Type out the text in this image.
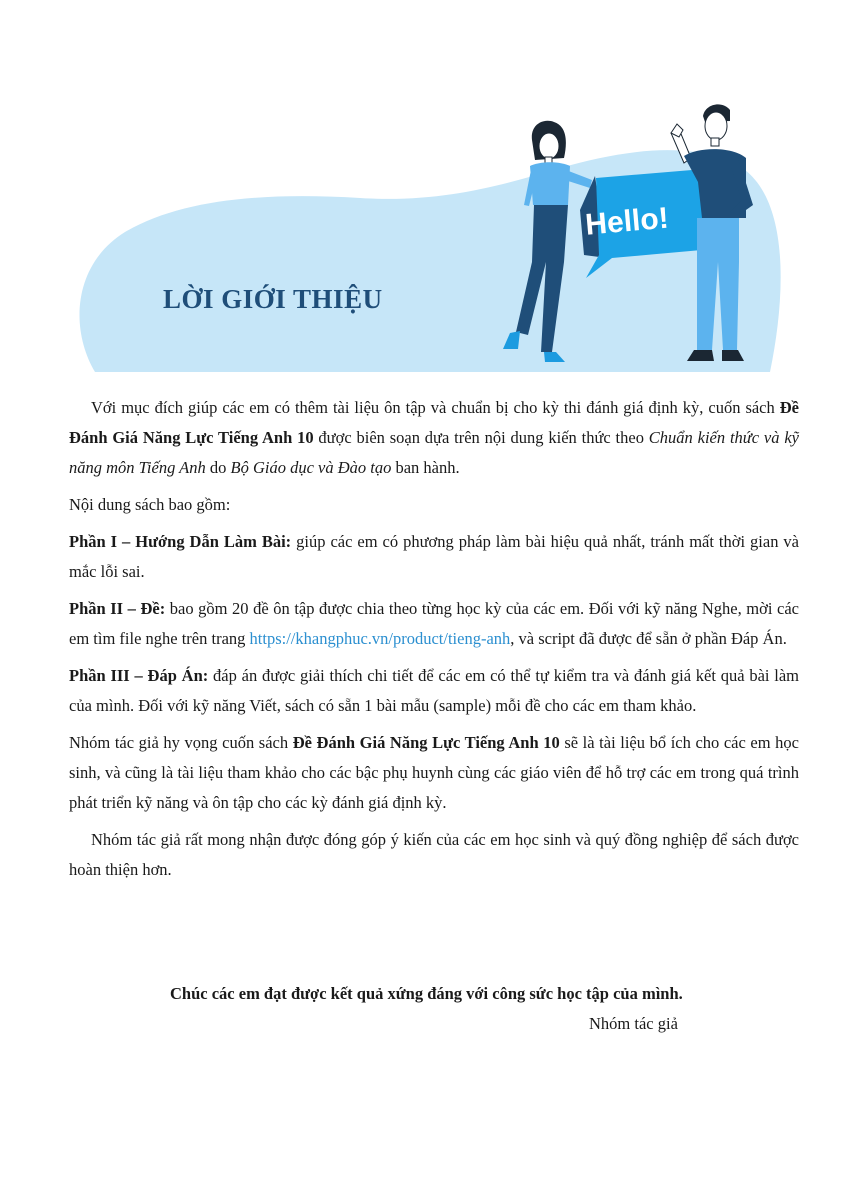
Hello!
LỜI GIỚI THIỆU

Với mục đích giúp các em có thêm tài liệu ôn tập và chuẩn bị cho kỳ thi đánh giá định kỳ, cuốn sách Đề Đánh Giá Năng Lực Tiếng Anh 10 được biên soạn dựa trên nội dung kiến thức theo Chuẩn kiến thức và kỹ năng môn Tiếng Anh do Bộ Giáo dục và Đào tạo ban hành.

Nội dung sách bao gồm:

Phần I – Hướng Dẫn Làm Bài: giúp các em có phương pháp làm bài hiệu quả nhất, tránh mất thời gian và mắc lỗi sai.

Phần II – Đề: bao gồm 20 đề ôn tập được chia theo từng học kỳ của các em. Đối với kỹ năng Nghe, mời các em tìm file nghe trên trang https://khangphuc.vn/product/tieng-anh, và script đã được để sẵn ở phần Đáp Án.

Phần III – Đáp Án: đáp án được giải thích chi tiết để các em có thể tự kiểm tra và đánh giá kết quả bài làm của mình. Đối với kỹ năng Viết, sách có sẵn 1 bài mẫu (sample) mỗi đề cho các em tham khảo.

Nhóm tác giả hy vọng cuốn sách Đề Đánh Giá Năng Lực Tiếng Anh 10 sẽ là tài liệu bổ ích cho các em học sinh, và cũng là tài liệu tham khảo cho các bậc phụ huynh cùng các giáo viên để hỗ trợ các em trong quá trình phát triển kỹ năng và ôn tập cho các kỳ đánh giá định kỳ.

Nhóm tác giả rất mong nhận được đóng góp ý kiến của các em học sinh và quý đồng nghiệp để sách được hoàn thiện hơn.

Chúc các em đạt được kết quả xứng đáng với công sức học tập của mình.
Nhóm tác giả
